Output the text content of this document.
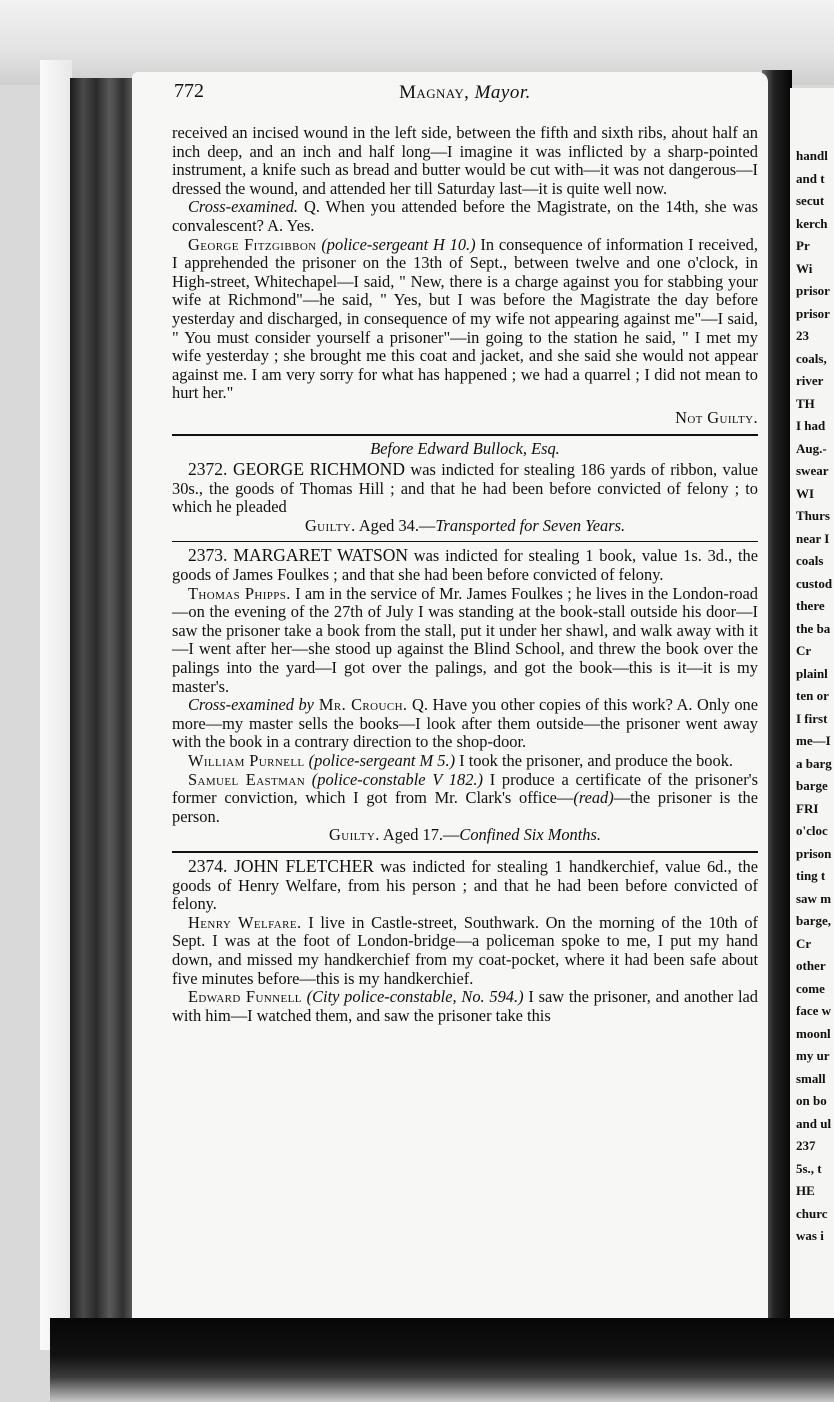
handl
and t
secut
kerch
Pr
Wi
prisor
prisor
23
coals,
river
TH
I had
Aug.-
swear
WI
Thurs
near I
coals
custod
there
the ba
Cr
plainl
ten or
I first
me—I
a barg
barge
FRI
o'cloc
prison
ting t
saw m
barge,
Cr
other
come
face w
moonl
my ur
small
on bo
and ul
237
5s., t
HE
churc
was i
772	Magnay, Mayor.

received an incised wound in the left side, between the fifth and sixth ribs, ahout half an inch deep, and an inch and half long—I imagine it was inflicted by a sharp-pointed instrument, a knife such as bread and butter would be cut with—it was not dangerous—I dressed the wound, and attended her till Saturday last—it is quite well now.

Cross-examined. Q. When you attended before the Magistrate, on the 14th, she was convalescent? A. Yes.

George Fitzgibbon (police-sergeant H 10.) In consequence of information I received, I apprehended the prisoner on the 13th of Sept., between twelve and one o'clock, in High-street, Whitechapel—I said, " New, there is a charge against you for stabbing your wife at Richmond"—he said, " Yes, but I was before the Magistrate the day before yesterday and discharged, in consequence of my wife not appearing against me"—I said, " You must consider yourself a prisoner"—in going to the station he said, " I met my wife yesterday ; she brought me this coat and jacket, and she said she would not appear against me. I am very sorry for what has happened ; we had a quarrel ; I did not mean to hurt her."

Not Guilty.

Before Edward Bullock, Esq.

2372. GEORGE RICHMOND was indicted for stealing 186 yards of ribbon, value 30s., the goods of Thomas Hill ; and that he had been before convicted of felony ; to which he pleaded

Guilty. Aged 34.—Transported for Seven Years.

2373. MARGARET WATSON was indicted for stealing 1 book, value 1s. 3d., the goods of James Foulkes ; and that she had been before convicted of felony.

Thomas Phipps. I am in the service of Mr. James Foulkes ; he lives in the London-road—on the evening of the 27th of July I was standing at the book-stall outside his door—I saw the prisoner take a book from the stall, put it under her shawl, and walk away with it—I went after her—she stood up against the Blind School, and threw the book over the palings into the yard—I got over the palings, and got the book—this is it—it is my master's.

Cross-examined by Mr. Crouch. Q. Have you other copies of this work? A. Only one more—my master sells the books—I look after them outside—the prisoner went away with the book in a contrary direction to the shop-door.

William Purnell (police-sergeant M 5.) I took the prisoner, and produce the book.

Samuel Eastman (police-constable V 182.) I produce a certificate of the prisoner's former conviction, which I got from Mr. Clark's office—(read)—the prisoner is the person.

Guilty. Aged 17.—Confined Six Months.

2374. JOHN FLETCHER was indicted for stealing 1 handkerchief, value 6d., the goods of Henry Welfare, from his person ; and that he had been before convicted of felony.

Henry Welfare. I live in Castle-street, Southwark. On the morning of the 10th of Sept. I was at the foot of London-bridge—a policeman spoke to me, I put my hand down, and missed my handkerchief from my coat-pocket, where it had been safe about five minutes before—this is my handkerchief.

Edward Funnell (City police-constable, No. 594.) I saw the prisoner, and another lad with him—I watched them, and saw the prisoner take this
